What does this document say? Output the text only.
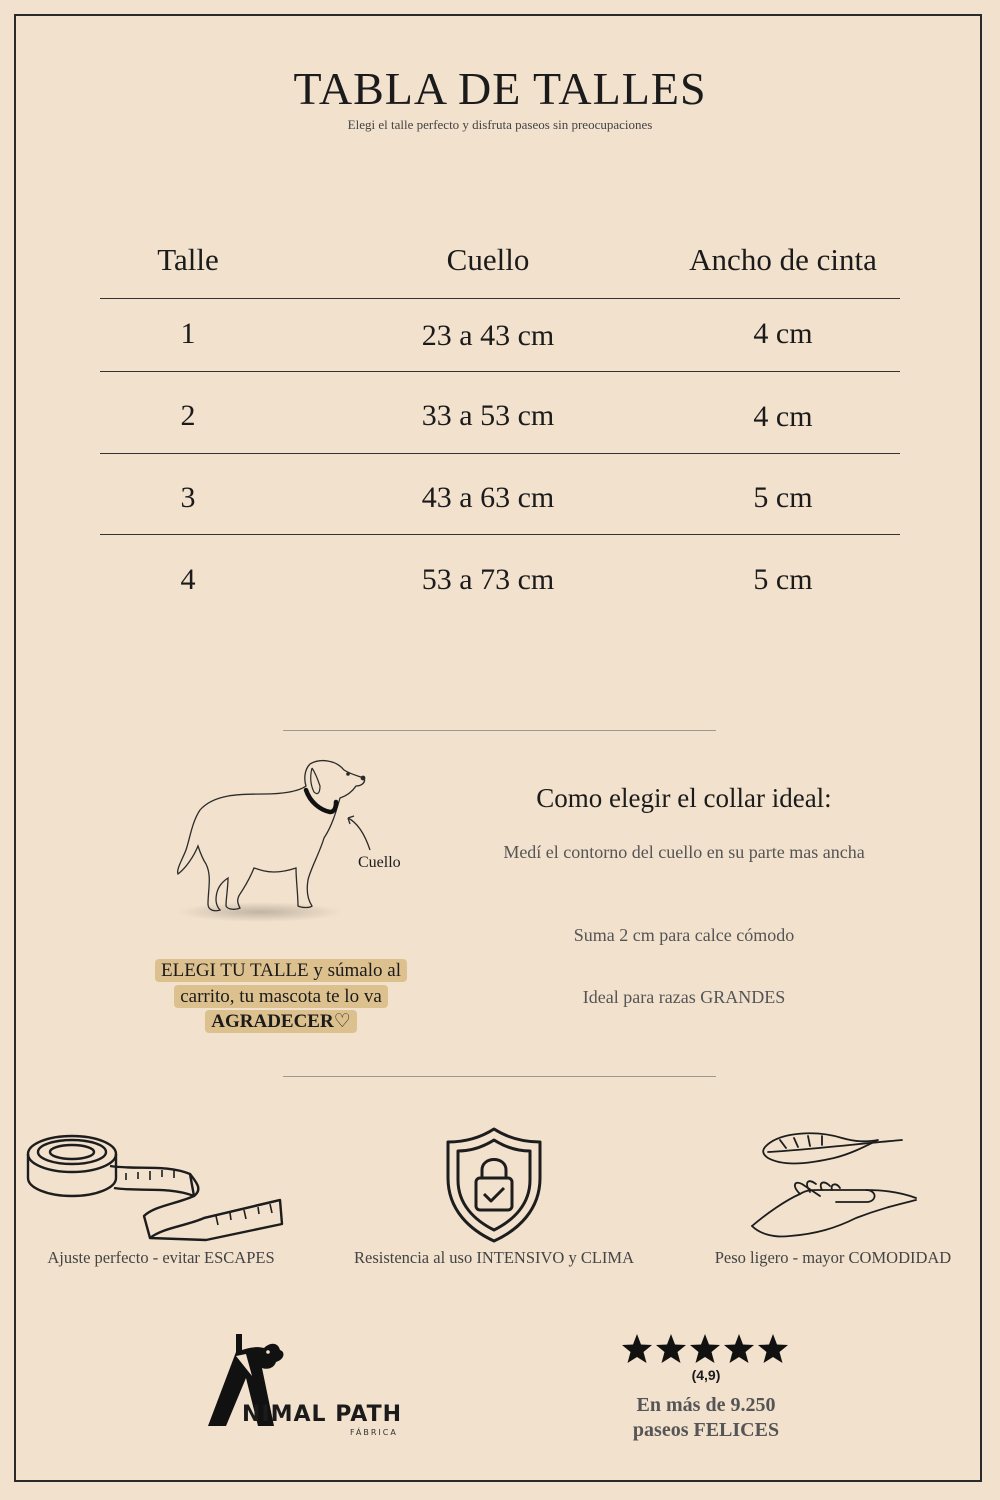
TABLA DE TALLES
Elegi el talle perfecto y disfruta paseos sin preocupaciones
Talle	Cuello	Ancho de cinta
1	23 a 43 cm	4 cm
2	33 a 53 cm	4 cm
3	43 a 63 cm	5 cm
4	53 a 73 cm	5 cm
Cuello
ELEGI TU TALLE y súmalo al
carrito, tu mascota te lo va
AGRADECER♡
Como elegir el collar ideal:
Medí el contorno del cuello en su parte mas ancha
Suma 2 cm para calce cómodo
Ideal para razas GRANDES
Ajuste perfecto - evitar ESCAPES	Resistencia al uso INTENSIVO y CLIMA	Peso ligero - mayor COMODIDAD
NIMAL PATH
FÁBRICA
(4,9)
En más de 9.250
paseos FELICES
